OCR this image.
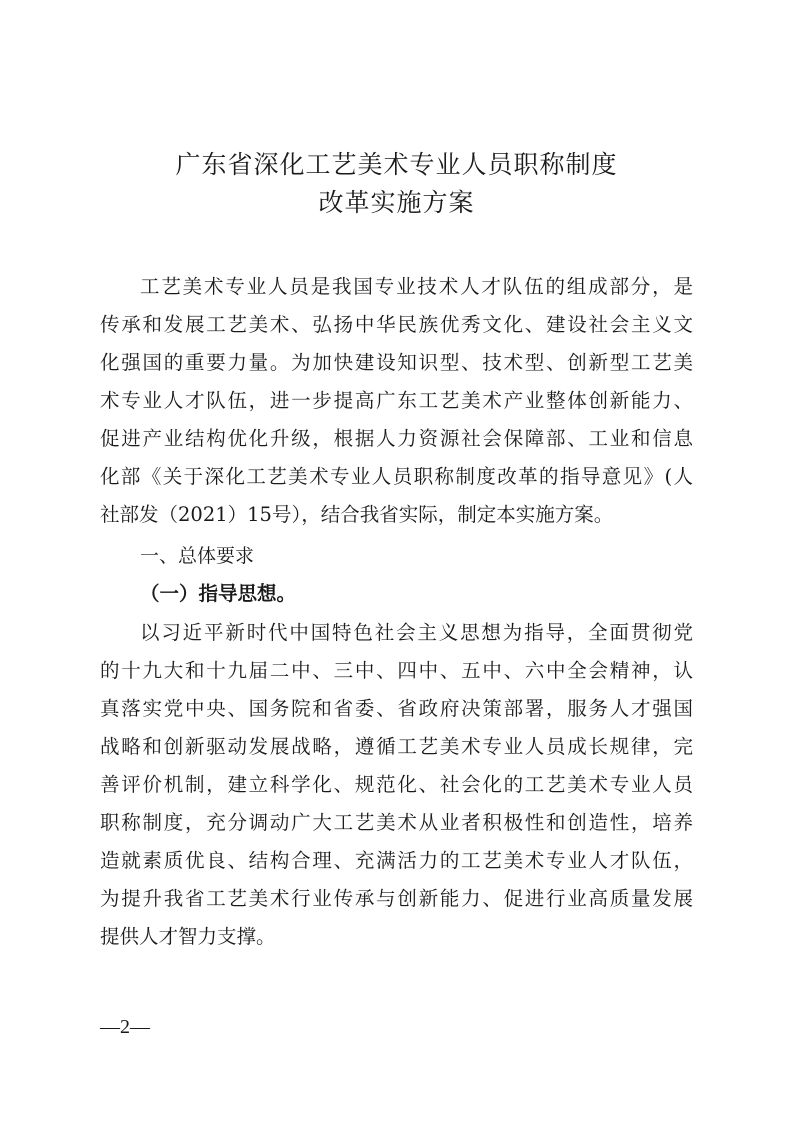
广东省深化工艺美术专业人员职称制度
改革实施方案
工艺美术专业人员是我国专业技术人才队伍的组成部分，是
传承和发展工艺美术、弘扬中华民族优秀文化、建设社会主义文
化强国的重要力量。为加快建设知识型、技术型、创新型工艺美
术专业人才队伍，进一步提高广东工艺美术产业整体创新能力、
促进产业结构优化升级，根据人力资源社会保障部、工业和信息
化部《关于深化工艺美术专业人员职称制度改革的指导意见》(人
社部发（2021）15号），结合我省实际，制定本实施方案。
一、总体要求
（一）指导思想。
以习近平新时代中国特色社会主义思想为指导，全面贯彻党
的十九大和十九届二中、三中、四中、五中、六中全会精神，认
真落实党中央、国务院和省委、省政府决策部署，服务人才强国
战略和创新驱动发展战略，遵循工艺美术专业人员成长规律，完
善评价机制，建立科学化、规范化、社会化的工艺美术专业人员
职称制度，充分调动广大工艺美术从业者积极性和创造性，培养
造就素质优良、结构合理、充满活力的工艺美术专业人才队伍，
为提升我省工艺美术行业传承与创新能力、促进行业高质量发展
提供人才智力支撑。
—2—
